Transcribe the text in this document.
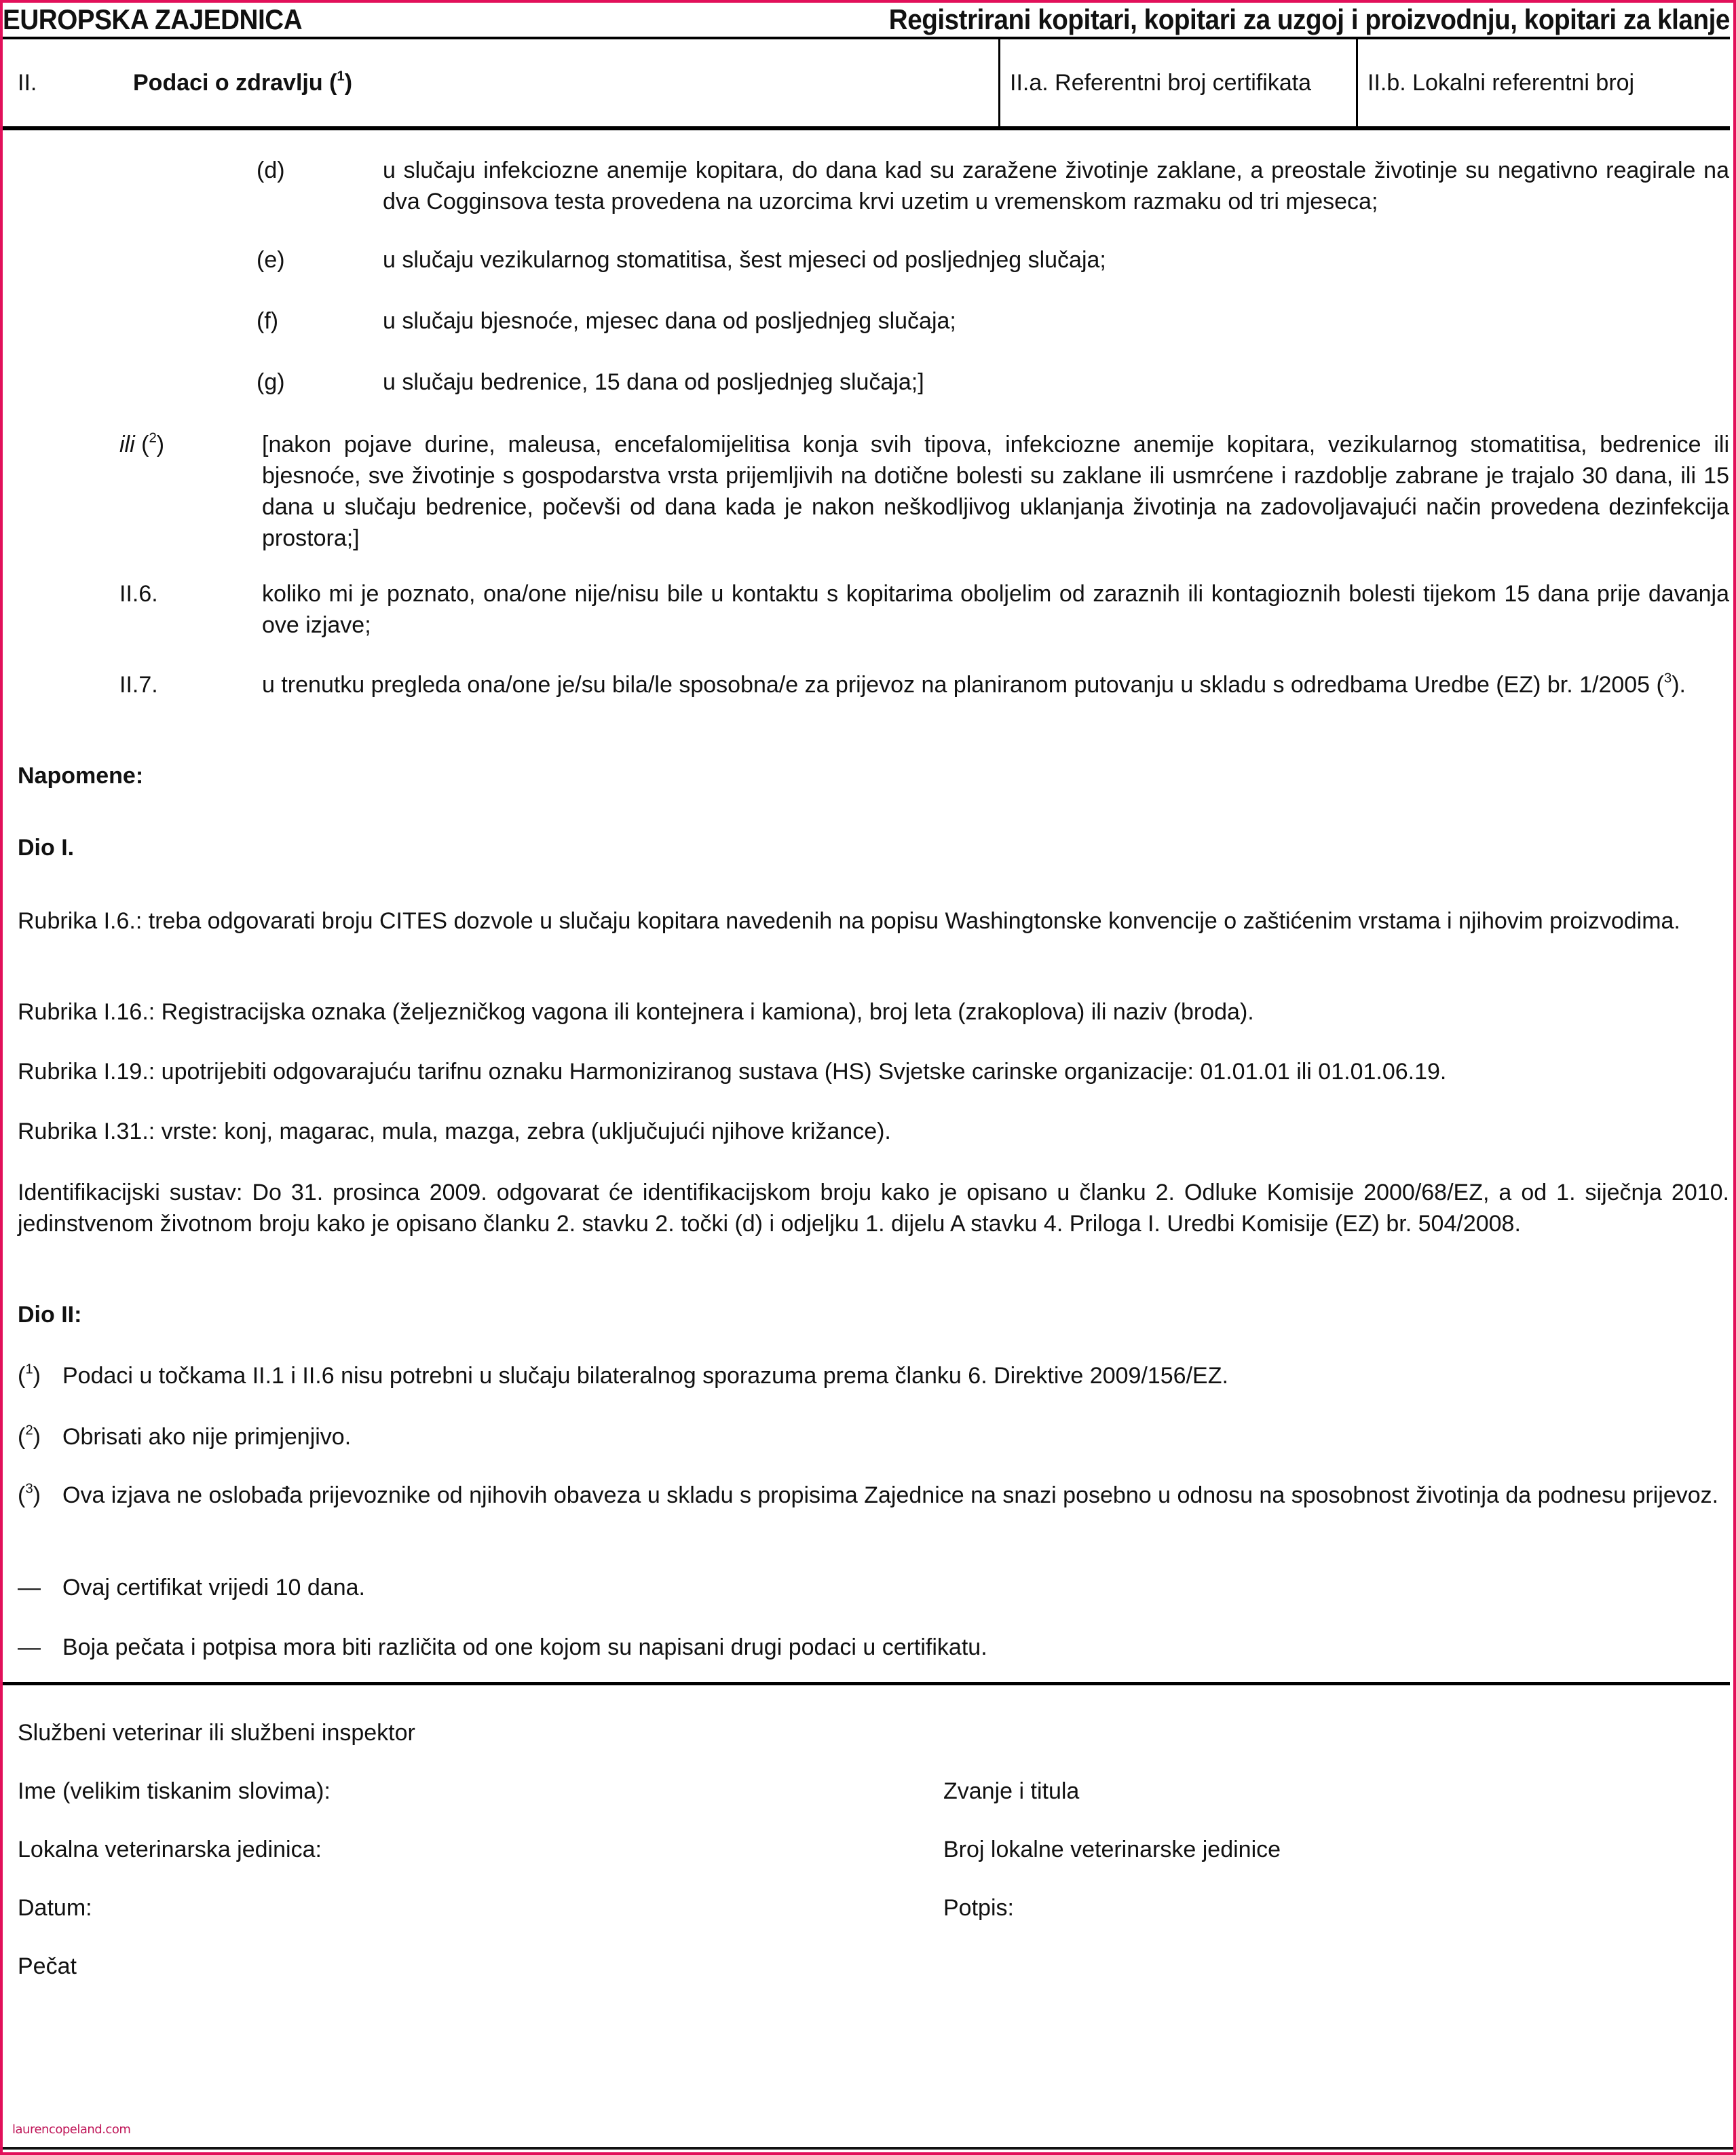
EUROPSKA ZAJEDNICA	Registrirani kopitari, kopitari za uzgoj i proizvodnju, kopitari za klanje
II.	Podaci o zdravlju ($^1$)	II.a. Referentni broj certifikata II.b. Lokalni referentni broj
(d)	u slučaju infekciozne anemije kopitara, do dana kad su zaražene životinje zaklane, a preostale životinje su negativno reagirale na dva Cogginsova testa provedena na uzorcima krvi uzetim u vremenskom razmaku od tri mjeseca;
(e)	u slučaju vezikularnog stomatitisa, šest mjeseci od posljednjeg slučaja;
(f)	u slučaju bjesnoće, mjesec dana od posljednjeg slučaja;
(g)	u slučaju bedrenice, 15 dana od posljednjeg slučaja;]
ili ($^2$)	[nakon pojave durine, maleusa, encefalomijelitisa konja svih tipova, infekciozne anemije kopitara, vezikularnog stomatitisa, bedrenice ili bjesnoće, sve životinje s gospodarstva vrsta prijemljivih na dotične bolesti su zaklane ili usmrćene i razdoblje zabrane je trajalo 30 dana, ili 15 dana u slučaju bedrenice, počevši od dana kada je nakon neškodljivog uklanjanja životinja na zadovoljavajući način provedena dezinfekcija prostora;]
II.6.	koliko mi je poznato, ona/one nije/nisu bile u kontaktu s kopitarima oboljelim od zaraznih ili kontagioznih bolesti tijekom 15 dana prije davanja ove izjave;
II.7.	u trenutku pregleda ona/one je/su bila/le sposobna/e za prijevoz na planiranom putovanju u skladu s odredbama Uredbe (EZ) br. 1/2005 ($^3$).
Napomene:
Dio I.
Rubrika I.6.: treba odgovarati broju CITES dozvole u slučaju kopitara navedenih na popisu Washingtonske konvencije o zaštićenim vrstama i njihovim proizvodima.
Rubrika I.16.: Registracijska oznaka (željezničkog vagona ili kontejnera i kamiona), broj leta (zrakoplova) ili naziv (broda).
Rubrika I.19.: upotrijebiti odgovarajuću tarifnu oznaku Harmoniziranog sustava (HS) Svjetske carinske organizacije: 01.01.01 ili 01.01.06.19.
Rubrika I.31.: vrste: konj, magarac, mula, mazga, zebra (uključujući njihove križance).
Identifikacijski sustav: Do 31. prosinca 2009. odgovarat će identifikacijskom broju kako je opisano u članku 2. Odluke Komisije 2000/68/EZ, a od 1. siječnja 2010. jedinstvenom životnom broju kako je opisano članku 2. stavku 2. točki (d) i odjeljku 1. dijelu A stavku 4. Priloga I. Uredbi Komisije (EZ) br. 504/2008.
Dio II:
($^1$) Podaci u točkama II.1 i II.6 nisu potrebni u slučaju bilateralnog sporazuma prema članku 6. Direktive 2009/156/EZ.
($^2$) Obrisati ako nije primjenjivo.
($^3$) Ova izjava ne oslobađa prijevoznike od njihovih obaveza u skladu s propisima Zajednice na snazi posebno u odnosu na sposobnost životinja da podnesu prijevoz.
— Ovaj certifikat vrijedi 10 dana.
— Boja pečata i potpisa mora biti različita od one kojom su napisani drugi podaci u certifikatu.
Službeni veterinar ili službeni inspektor
Ime (velikim tiskanim slovima):	Zvanje i titula
Lokalna veterinarska jedinica:	Broj lokalne veterinarske jedinice
Datum:	Potpis:
Pečat
laurencopeland.com
